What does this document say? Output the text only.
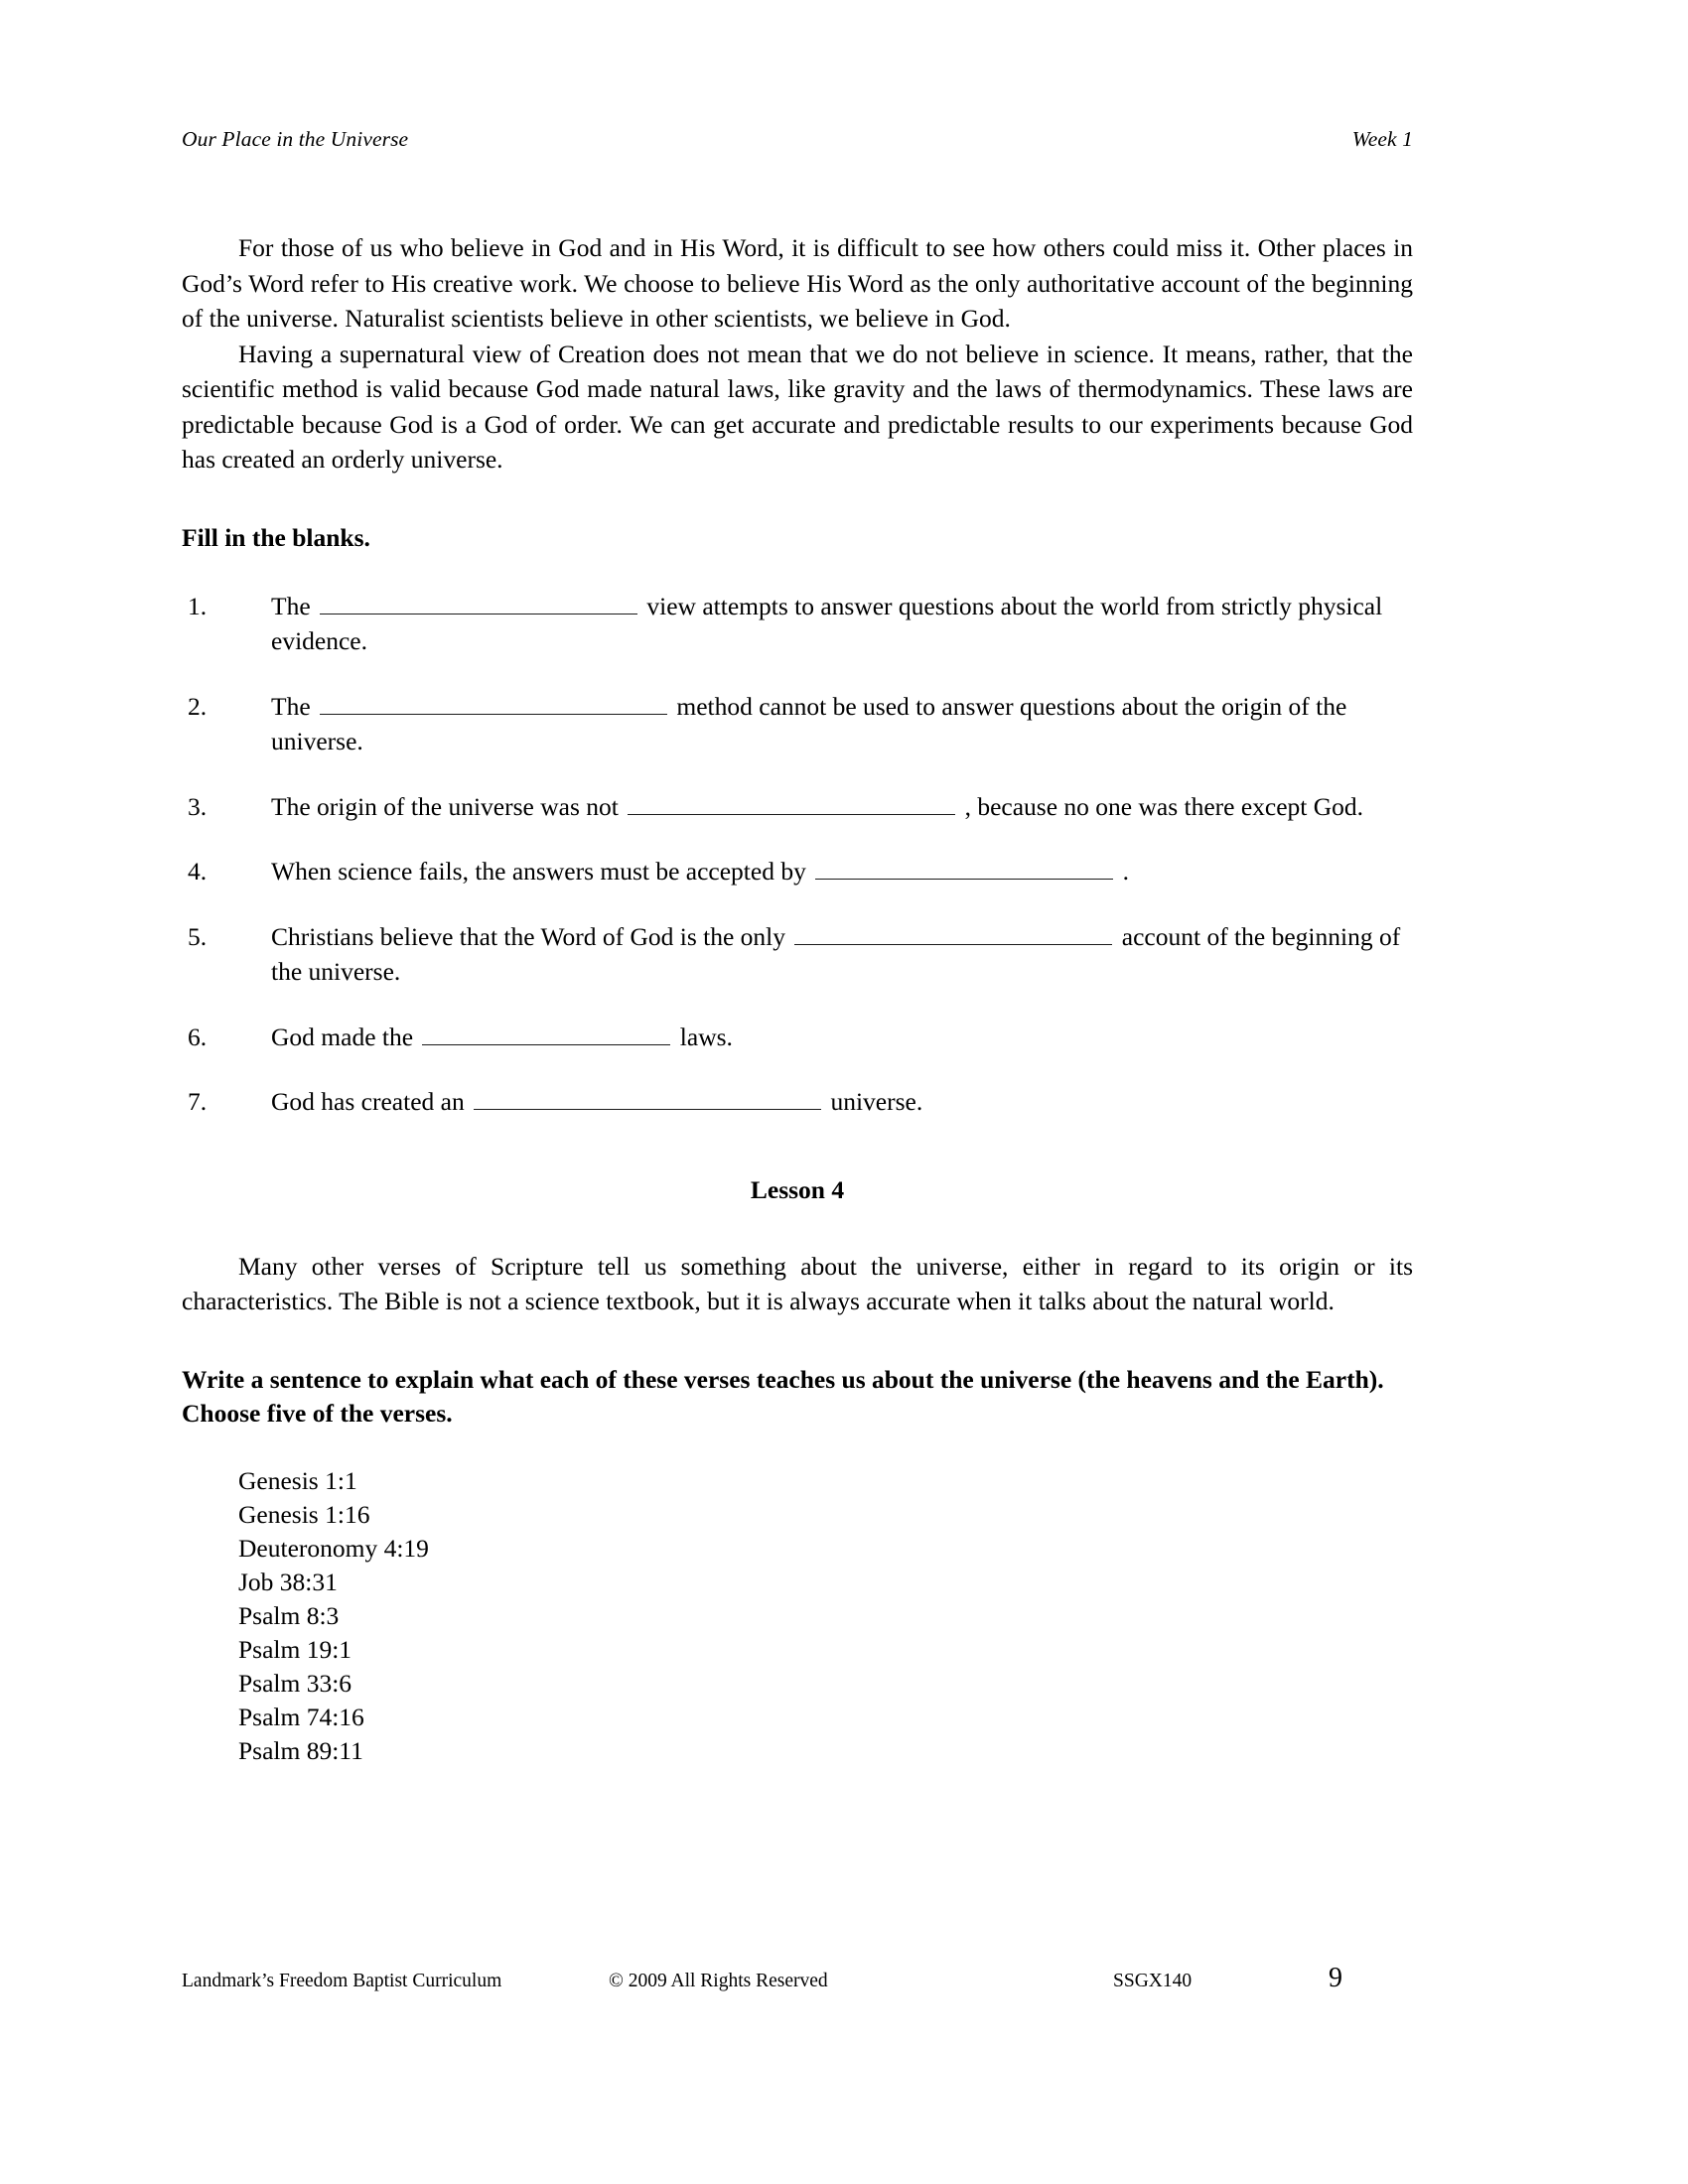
Our Place in the Universe	Week 1

For those of us who believe in God and in His Word, it is difficult to see how others could miss it. Other places in God’s Word refer to His creative work. We choose to believe His Word as the only authoritative account of the beginning of the universe. Naturalist scientists believe in other scientists, we believe in God.

Having a supernatural view of Creation does not mean that we do not believe in science. It means, rather, that the scientific method is valid because God made natural laws, like gravity and the laws of thermodynamics. These laws are predictable because God is a God of order. We can get accurate and predictable results to our experiments because God has created an orderly universe.

Fill in the blanks.
1.	The	view attempts to answer questions about the world from strictly physical evidence.
2.	The	method cannot be used to answer questions about the origin of the universe.
3.	The origin of the universe was not	, because no one was there except God.
4.	When science fails, the answers must be accepted by	.
5.	Christians believe that the Word of God is the only	account of the beginning of the universe.
6.	God made the	laws.
7.	God has created an	universe.
Lesson 4

Many other verses of Scripture tell us something about the universe, either in regard to its origin or its characteristics. The Bible is not a science textbook, but it is always accurate when it talks about the natural world.

Write a sentence to explain what each of these verses teaches us about the universe (the heavens and the Earth). Choose five of the verses.
Genesis 1:1
Genesis 1:16
Deuteronomy 4:19
Job 38:31
Psalm 8:3
Psalm 19:1
Psalm 33:6
Psalm 74:16
Psalm 89:11
Landmark’s Freedom Baptist Curriculum	© 2009 All Rights Reserved	SSGX140	9
